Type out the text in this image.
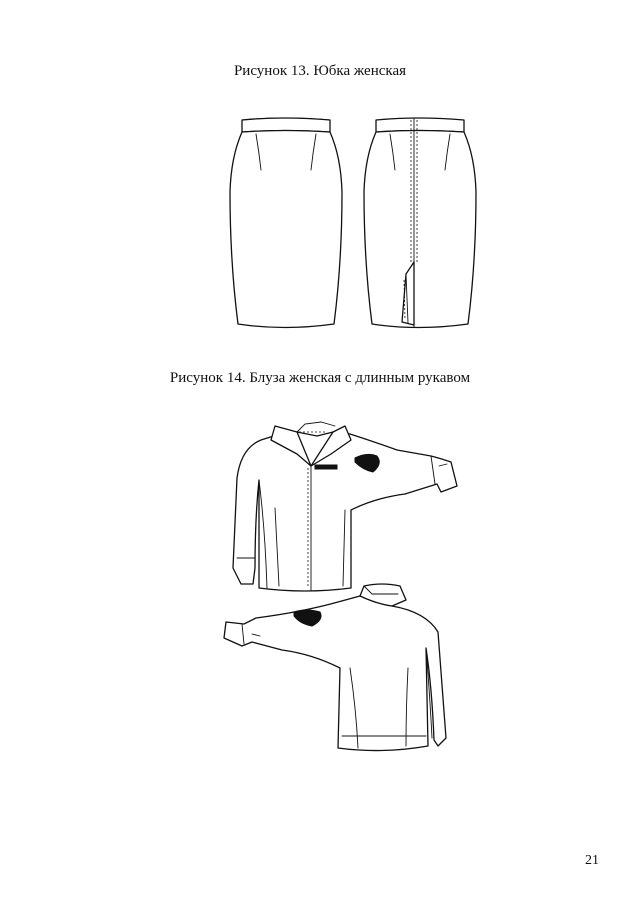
Рисунок 13. Юбка женская
Рисунок 14. Блуза женская с длинным рукавом
21
